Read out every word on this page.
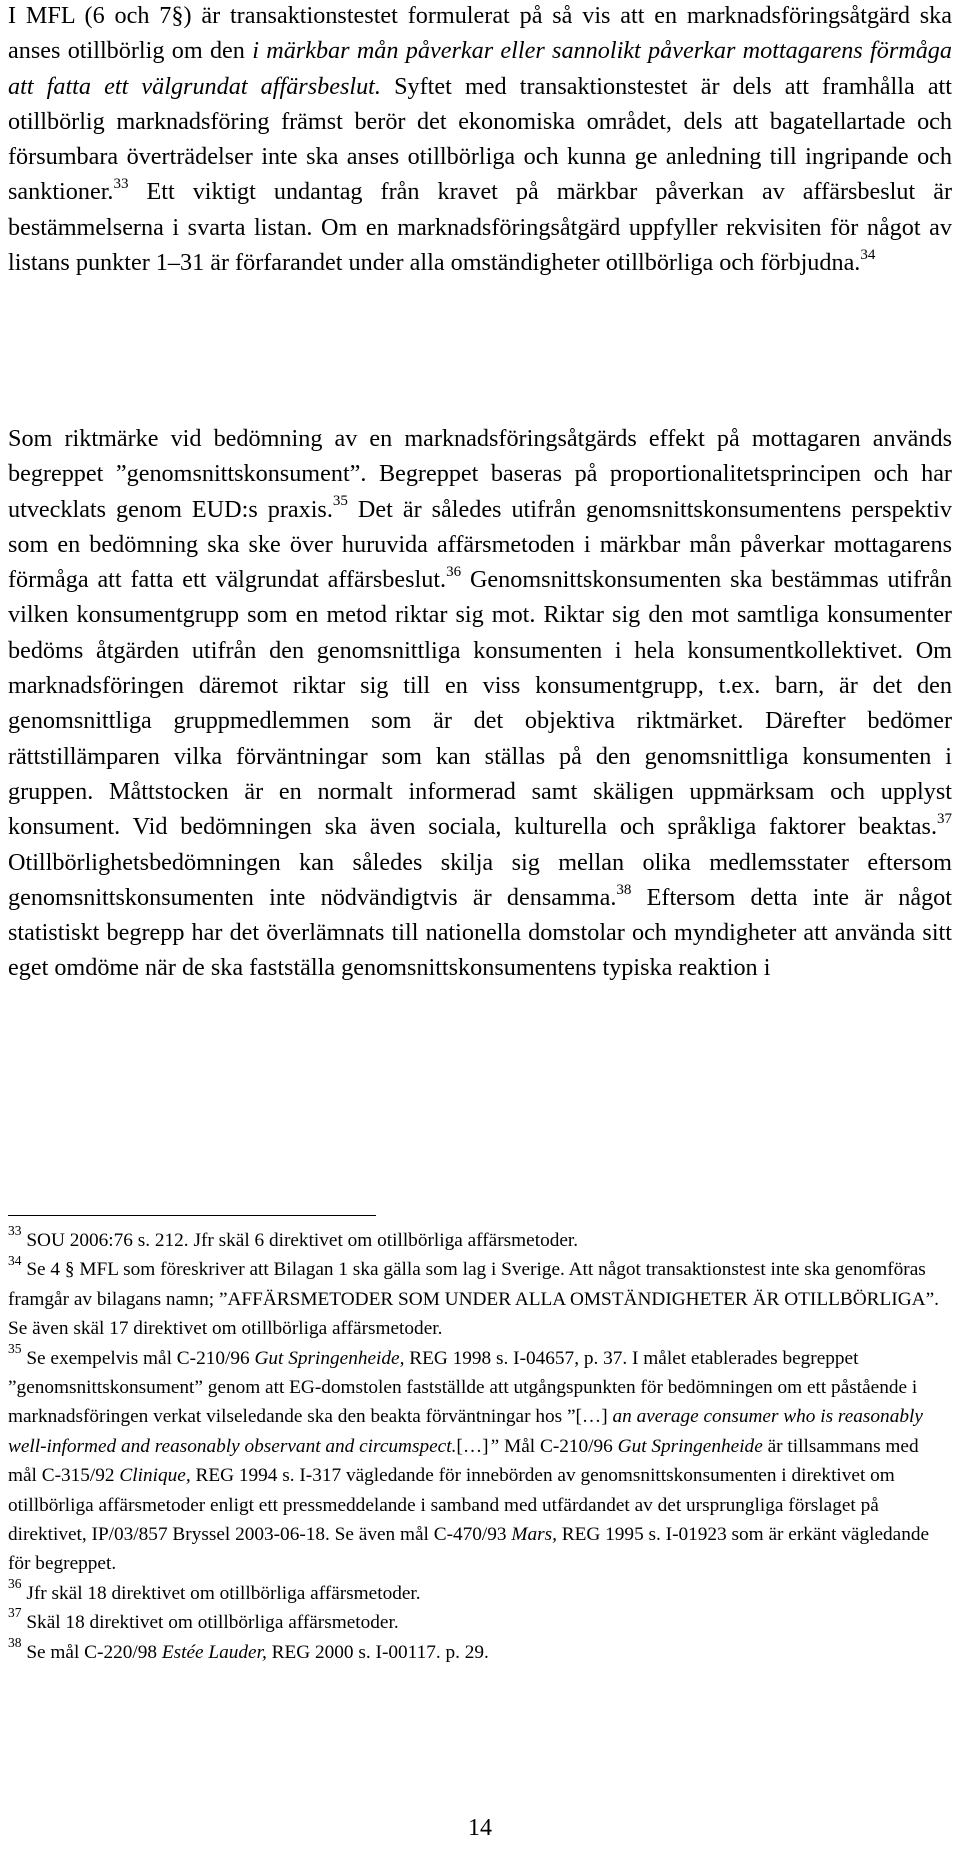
I MFL (6 och 7§) är transaktionstestet formulerat på så vis att en marknadsföringsåtgärd ska anses otillbörlig om den i märkbar mån påverkar eller sannolikt påverkar mottagarens förmåga att fatta ett välgrundat affärsbeslut. Syftet med transaktionstestet är dels att framhålla att otillbörlig marknadsföring främst berör det ekonomiska området, dels att bagatellartade och försumbara överträdelser inte ska anses otillbörliga och kunna ge anledning till ingripande och sanktioner.$^{33}$ Ett viktigt undantag från kravet på märkbar påverkan av affärsbeslut är bestämmelserna i svarta listan. Om en marknadsföringsåtgärd uppfyller rekvisiten för något av listans punkter 1–31 är förfarandet under alla omständigheter otillbörliga och förbjudna.$^{34}$

Som riktmärke vid bedömning av en marknadsföringsåtgärds effekt på mottagaren används begreppet ”genomsnittskonsument”. Begreppet baseras på proportionalitetsprincipen och har utvecklats genom EUD:s praxis.$^{35}$ Det är således utifrån genomsnittskonsumentens perspektiv som en bedömning ska ske över huruvida affärsmetoden i märkbar mån påverkar mottagarens förmåga att fatta ett välgrundat affärsbeslut.$^{36}$ Genomsnittskonsumenten ska bestämmas utifrån vilken konsumentgrupp som en metod riktar sig mot. Riktar sig den mot samtliga konsumenter bedöms åtgärden utifrån den genomsnittliga konsumenten i hela konsumentkollektivet. Om marknadsföringen däremot riktar sig till en viss konsumentgrupp, t.ex. barn, är det den genomsnittliga gruppmedlemmen som är det objektiva riktmärket. Därefter bedömer rättstillämparen vilka förväntningar som kan ställas på den genomsnittliga konsumenten i gruppen. Måttstocken är en normalt informerad samt skäligen uppmärksam och upplyst konsument. Vid bedömningen ska även sociala, kulturella och språkliga faktorer beaktas.$^{37}$ Otillbörlighetsbedömningen kan således skilja sig mellan olika medlemsstater eftersom genomsnittskonsumenten inte nödvändigtvis är densamma.$^{38}$ Eftersom detta inte är något statistiskt begrepp har det överlämnats till nationella domstolar och myndigheter att använda sitt eget omdöme när de ska fastställa genomsnittskonsumentens typiska reaktion i

$^{33}$ SOU 2006:76 s. 212. Jfr skäl 6 direktivet om otillbörliga affärsmetoder.

$^{34}$ Se 4 § MFL som föreskriver att Bilagan 1 ska gälla som lag i Sverige. Att något transaktionstest inte ska genomföras framgår av bilagans namn; ”AFFÄRSMETODER SOM UNDER ALLA OMSTÄNDIGHETER ÄR OTILLBÖRLIGA”. Se även skäl 17 direktivet om otillbörliga affärsmetoder.

$^{35}$ Se exempelvis mål C-210/96 Gut Springenheide, REG 1998 s. I-04657, p. 37. I målet etablerades begreppet ”genomsnittskonsument” genom att EG-domstolen fastställde att utgångspunkten för bedömningen om ett påstående i marknadsföringen verkat vilseledande ska den beakta förväntningar hos ”[…] an average consumer who is reasonably well-informed and reasonably observant and circumspect.[…]” Mål C-210/96 Gut Springenheide är tillsammans med mål C-315/92 Clinique, REG 1994 s. I-317 vägledande för innebörden av genomsnittskonsumenten i direktivet om otillbörliga affärsmetoder enligt ett pressmeddelande i samband med utfärdandet av det ursprungliga förslaget på direktivet, IP/03/857 Bryssel 2003-06-18. Se även mål C-470/93 Mars, REG 1995 s. I-01923 som är erkänt vägledande för begreppet.

$^{36}$ Jfr skäl 18 direktivet om otillbörliga affärsmetoder.

$^{37}$ Skäl 18 direktivet om otillbörliga affärsmetoder.

$^{38}$ Se mål C-220/98 Estée Lauder, REG 2000 s. I-00117. p. 29.

14
